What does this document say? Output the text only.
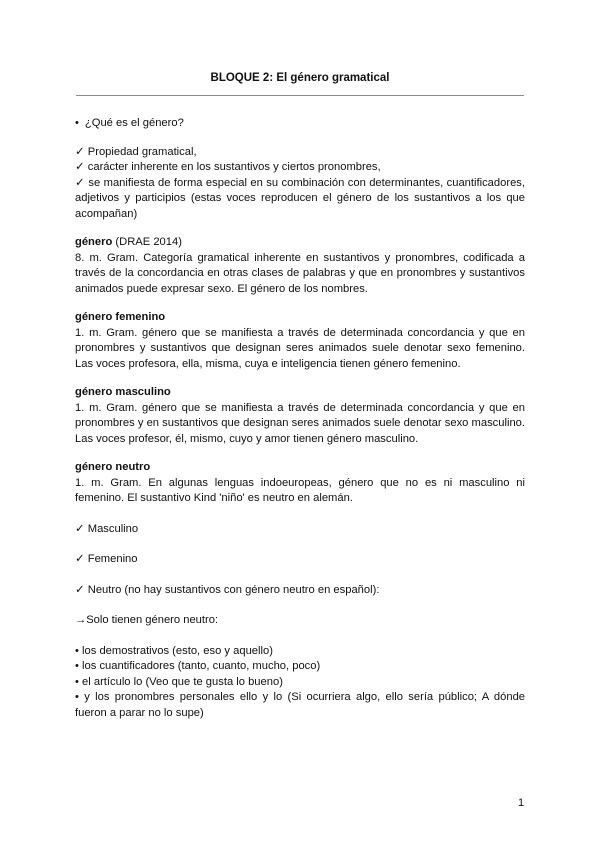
BLOQUE 2: El género gramatical

• ¿Qué es el género?

✓ Propiedad gramatical,

✓ carácter inherente en los sustantivos y ciertos pronombres,

✓ se manifiesta de forma especial en su combinación con determinantes, cuantificadores, adjetivos y participios (estas voces reproducen el género de los sustantivos a los que acompañan)

género (DRAE 2014)

8. m. Gram. Categoría gramatical inherente en sustantivos y pronombres, codificada a través de la concordancia en otras clases de palabras y que en pronombres y sustantivos animados puede expresar sexo. El género de los nombres.

género femenino

1. m. Gram. género que se manifiesta a través de determinada concordancia y que en pronombres y sustantivos que designan seres animados suele denotar sexo femenino. Las voces profesora, ella, misma, cuya e inteligencia tienen género femenino.

género masculino

1. m. Gram. género que se manifiesta a través de determinada concordancia y que en pronombres y en sustantivos que designan seres animados suele denotar sexo masculino. Las voces profesor, él, mismo, cuyo y amor tienen género masculino.

género neutro

1. m. Gram. En algunas lenguas indoeuropeas, género que no es ni masculino ni femenino. El sustantivo Kind 'niño' es neutro en alemán.

✓ Masculino

✓ Femenino

✓ Neutro (no hay sustantivos con género neutro en español):

→Solo tienen género neutro:

• los demostrativos (esto, eso y aquello)

• los cuantificadores (tanto, cuanto, mucho, poco)

• el artículo lo (Veo que te gusta lo bueno)

• y los pronombres personales ello y lo (Si ocurriera algo, ello sería público; A dónde fueron a parar no lo supe)

1
